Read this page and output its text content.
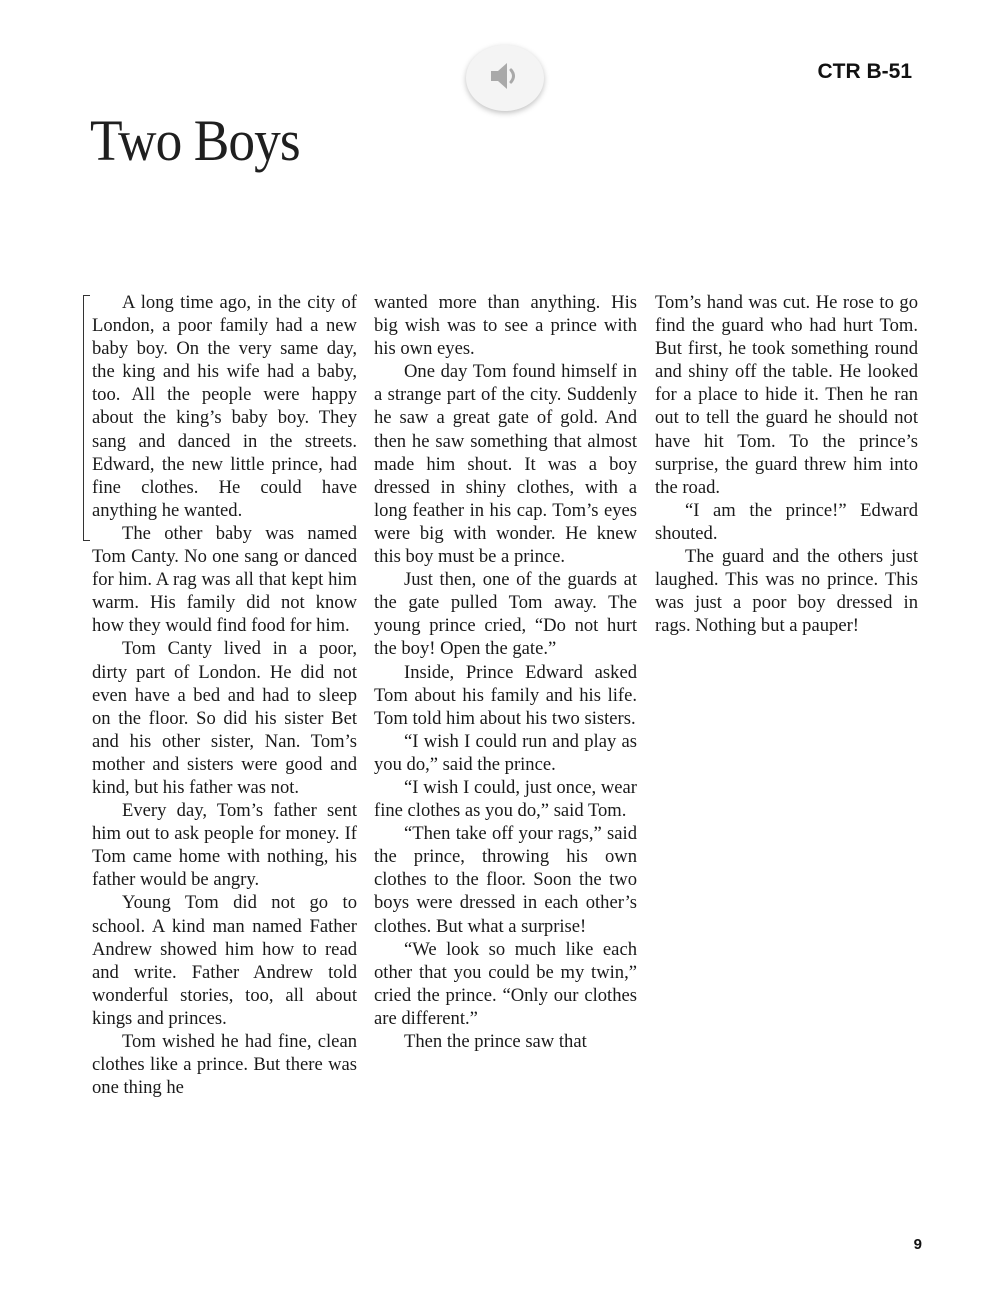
CTR B-51
Two Boys

A long time ago, in the city of London, a poor family had a new baby boy. On the very same day, the king and his wife had a baby, too. All the people were happy about the king’s baby boy. They sang and danced in the streets. Edward, the new little prince, had fine clothes. He could have anything he wanted.

The other baby was named Tom Canty. No one sang or danced for him. A rag was all that kept him warm. His family did not know how they would find food for him.

Tom Canty lived in a poor, dirty part of London. He did not even have a bed and had to sleep on the floor. So did his sister Bet and his other sister, Nan. Tom’s mother and sisters were good and kind, but his father was not.

Every day, Tom’s father sent him out to ask people for money. If Tom came home with nothing, his father would be angry.

Young Tom did not go to school. A kind man named Father Andrew showed him how to read and write. Father Andrew told wonderful stories, too, all about kings and princes.

Tom wished he had fine, clean clothes like a prince. But there was one thing he

wanted more than anything. His big wish was to see a prince with his own eyes.

One day Tom found himself in a strange part of the city. Suddenly he saw a great gate of gold. And then he saw something that almost made him shout. It was a boy dressed in shiny clothes, with a long feather in his cap. Tom’s eyes were big with wonder. He knew this boy must be a prince.

Just then, one of the guards at the gate pulled Tom away. The young prince cried, “Do not hurt the boy! Open the gate.”

Inside, Prince Edward asked Tom about his family and his life. Tom told him about his two sisters.

“I wish I could run and play as you do,” said the prince.

“I wish I could, just once, wear fine clothes as you do,” said Tom.

“Then take off your rags,” said the prince, throwing his own clothes to the floor. Soon the two boys were dressed in each other’s clothes. But what a surprise!

“We look so much like each other that you could be my twin,” cried the prince. “Only our clothes are different.”

Then the prince saw that

Tom’s hand was cut. He rose to go find the guard who had hurt Tom. But first, he took something round and shiny off the table. He looked for a place to hide it. Then he ran out to tell the guard he should not have hit Tom. To the prince’s surprise, the guard threw him into the road.

“I am the prince!” Edward shouted.

The guard and the others just laughed. This was no prince. This was just a poor boy dressed in rags. Nothing but a pauper!

9
